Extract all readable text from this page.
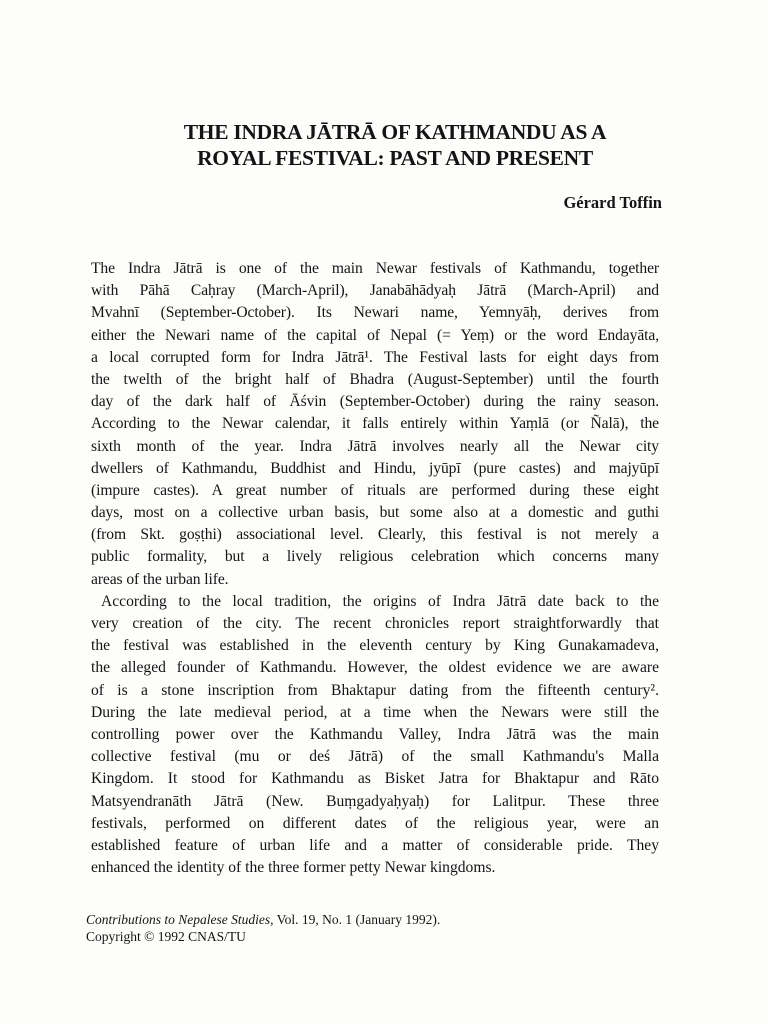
THE INDRA JĀTRĀ OF KATHMANDU AS A
ROYAL FESTIVAL: PAST AND PRESENT
Gérard Toffin
The Indra Jātrā is one of the main Newar festivals of Kathmandu, together
with Pāhā Caḥray (March-April), Janabāhādyaḥ Jātrā (March-April) and
Mvahnī (September-October). Its Newari name, Yemnyāḥ, derives from
either the Newari name of the capital of Nepal (= Yeṃ) or the word Endayāta,
a local corrupted form for Indra Jātrā¹. The Festival lasts for eight days from
the twelth of the bright half of Bhadra (August-September) until the fourth
day of the dark half of Āśvin (September-October) during the rainy season.
According to the Newar calendar, it falls entirely within Yaṃlā (or Ñalā), the
sixth month of the year. Indra Jātrā involves nearly all the Newar city
dwellers of Kathmandu, Buddhist and Hindu, jyūpī (pure castes) and majyūpī
(impure castes). A great number of rituals are performed during these eight
days, most on a collective urban basis, but some also at a domestic and guthi
(from Skt. goṣṭhi) associational level. Clearly, this festival is not merely a
public formality, but a lively religious celebration which concerns many
areas of the urban life.
According to the local tradition, the origins of Indra Jātrā date back to the
very creation of the city. The recent chronicles report straightforwardly that
the festival was established in the eleventh century by King Gunakamadeva,
the alleged founder of Kathmandu. However, the oldest evidence we are aware
of is a stone inscription from Bhaktapur dating from the fifteenth century².
During the late medieval period, at a time when the Newars were still the
controlling power over the Kathmandu Valley, Indra Jātrā was the main
collective festival (mu or deś Jātrā) of the small Kathmandu's Malla
Kingdom. It stood for Kathmandu as Bisket Jatra for Bhaktapur and Rāto
Matsyendranāth Jātrā (New. Buṃgadyaḥyaḥ) for Lalitpur. These three
festivals, performed on different dates of the religious year, were an
established feature of urban life and a matter of considerable pride. They
enhanced the identity of the three former petty Newar kingdoms.
Contributions to Nepalese Studies, Vol. 19, No. 1 (January 1992).
Copyright © 1992 CNAS/TU
